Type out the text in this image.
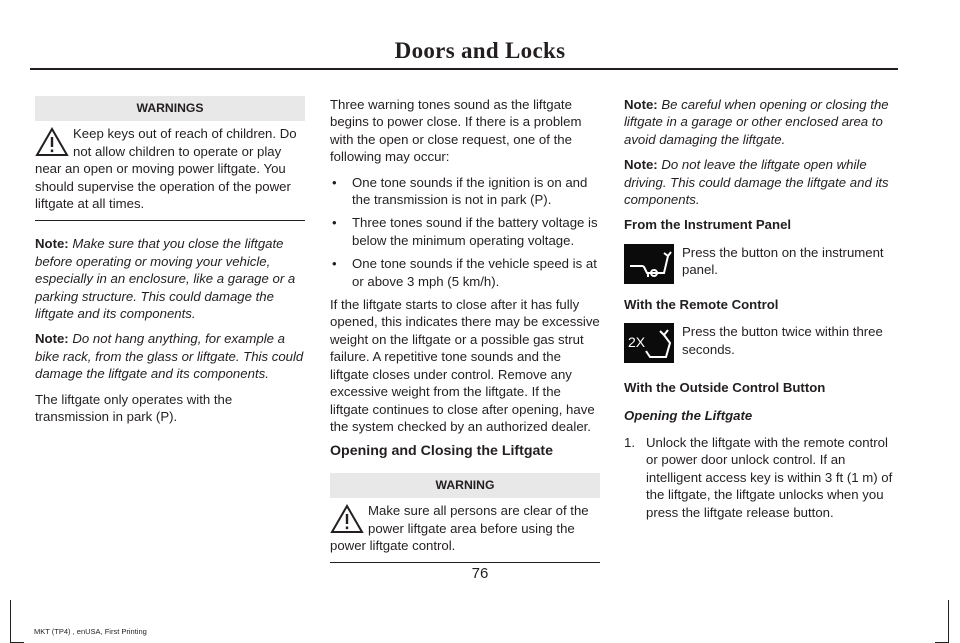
Doors and Locks
WARNINGS

Keep keys out of reach of children. Do not allow children to operate or play near an open or moving power liftgate. You should supervise the operation of the power liftgate at all times.

Note: Make sure that you close the liftgate before operating or moving your vehicle, especially in an enclosure, like a garage or a parking structure. This could damage the liftgate and its components.

Note: Do not hang anything, for example a bike rack, from the glass or liftgate. This could damage the liftgate and its components.

The liftgate only operates with the transmission in park (P).

Three warning tones sound as the liftgate begins to power close. If there is a problem with the open or close request, one of the following may occur:

• One tone sounds if the ignition is on and the transmission is not in park (P).
• Three tones sound if the battery voltage is below the minimum operating voltage.
• One tone sounds if the vehicle speed is at or above 3 mph (5 km/h).

If the liftgate starts to close after it has fully opened, this indicates there may be excessive weight on the liftgate or a possible gas strut failure. A repetitive tone sounds and the liftgate closes under control. Remove any excessive weight from the liftgate. If the liftgate continues to close after opening, have the system checked by an authorized dealer.

Opening and Closing the Liftgate
WARNING

Make sure all persons are clear of the power liftgate area before using the power liftgate control.

Note: Be careful when opening or closing the liftgate in a garage or other enclosed area to avoid damaging the liftgate.

Note: Do not leave the liftgate open while driving. This could damage the liftgate and its components.

From the Instrument Panel
Press the button on the instrument panel.
With the Remote Control
2X
Press the button twice within three seconds.
With the Outside Control Button
Opening the Liftgate
1. Unlock the liftgate with the remote control or power door unlock control. If an intelligent access key is within 3 ft (1 m) of the liftgate, the liftgate unlocks when you press the liftgate release button.
76
MKT (TP4) , enUSA, First Printing
